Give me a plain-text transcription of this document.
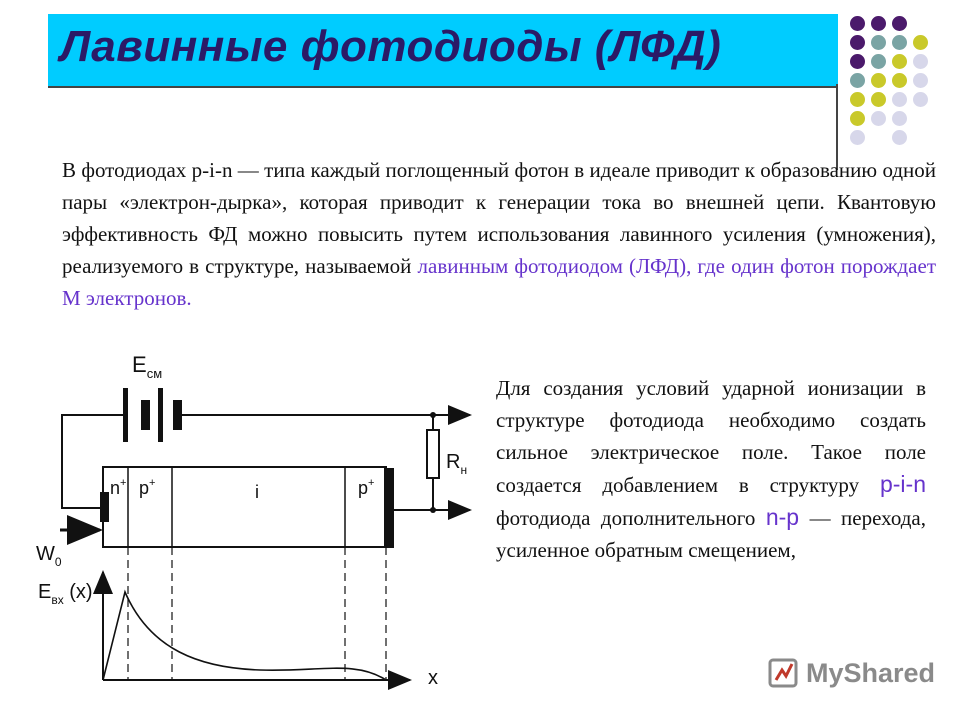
Лавинные фотодиоды (ЛФД)
В фотодиодах p-i-n — типа каждый поглощенный фотон в идеале приводит к образованию одной пары «электрон-дырка», которая приводит к генерации тока во внешней цепи. Квантовую эффективность ФД можно повысить путем использования лавинного усиления (умножения), реализуемого в структуре, называемой лавинным фотодиодом (ЛФД), где один фотон порождает M электронов.
Для создания условий ударной ионизации в структуре фотодиода необходимо создать сильное электрическое поле. Такое поле создается добавлением в структуру p-i-n фотодиода дополнительного n-p — перехода, усиленное обратным смещением,
$E_{см}$
$R_н$
n+ p+	i	p+
$W_0$
$E_{вх}$ (x)
x	MyShared
